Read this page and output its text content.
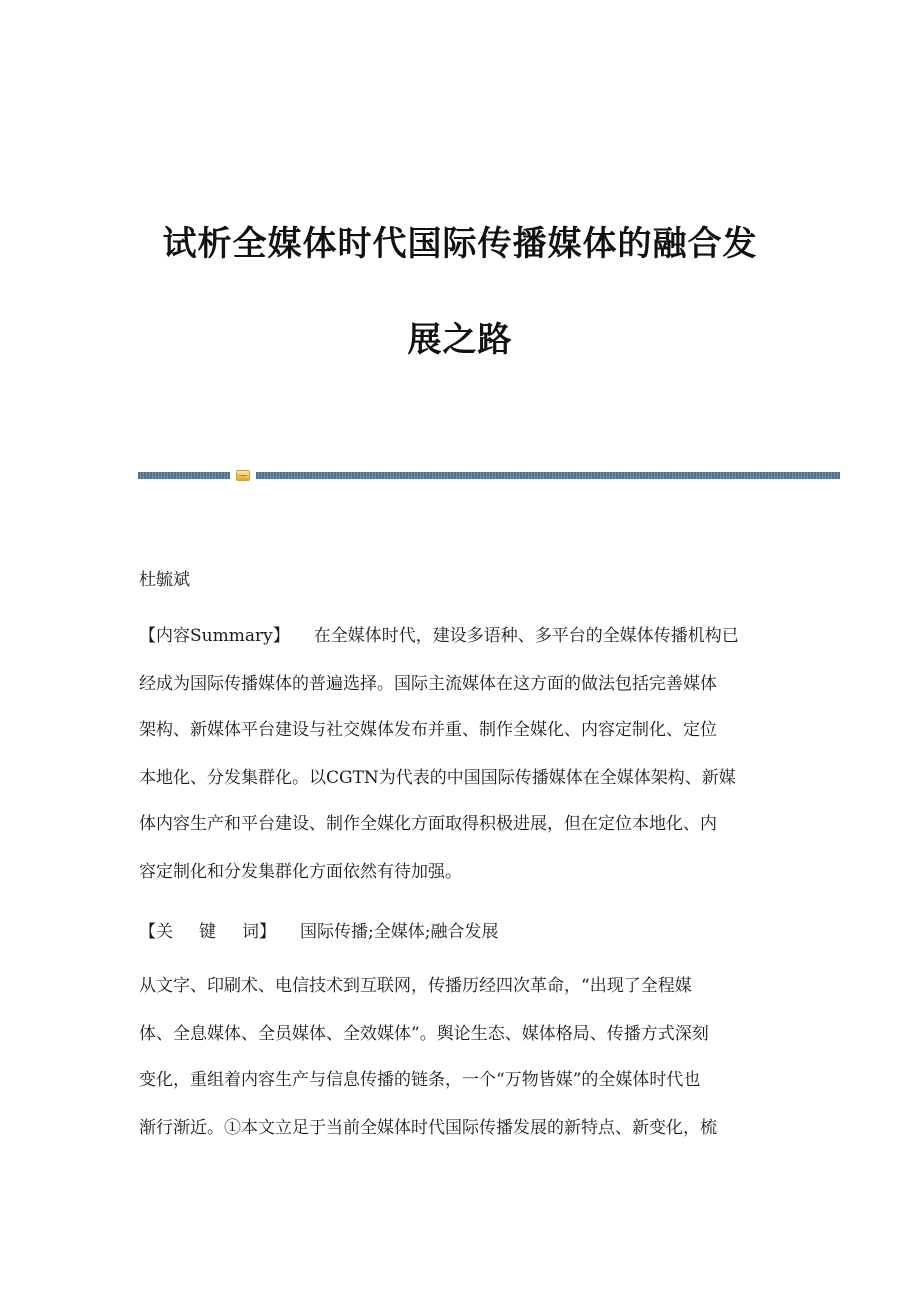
试析全媒体时代国际传播媒体的融合发
展之路
杜毓斌
【内容Summary】 在全媒体时代，建设多语种、多平台的全媒体传播机构已
经成为国际传播媒体的普遍选择。国际主流媒体在这方面的做法包括完善媒体
架构、新媒体平台建设与社交媒体发布并重、制作全媒化、内容定制化、定位
本地化、分发集群化。以CGTN为代表的中国国际传播媒体在全媒体架构、新媒
体内容生产和平台建设、制作全媒化方面取得积极进展，但在定位本地化、内
容定制化和分发集群化方面依然有待加强。
【关 键 词】 国际传播;全媒体;融合发展
从文字、印刷术、电信技术到互联网，传播历经四次革命，“出现了全程媒
体、全息媒体、全员媒体、全效媒体”。舆论生态、媒体格局、传播方式深刻
变化，重组着内容生产与信息传播的链条，一个“万物皆媒”的全媒体时代也
渐行渐近。①本文立足于当前全媒体时代国际传播发展的新特点、新变化，梳
